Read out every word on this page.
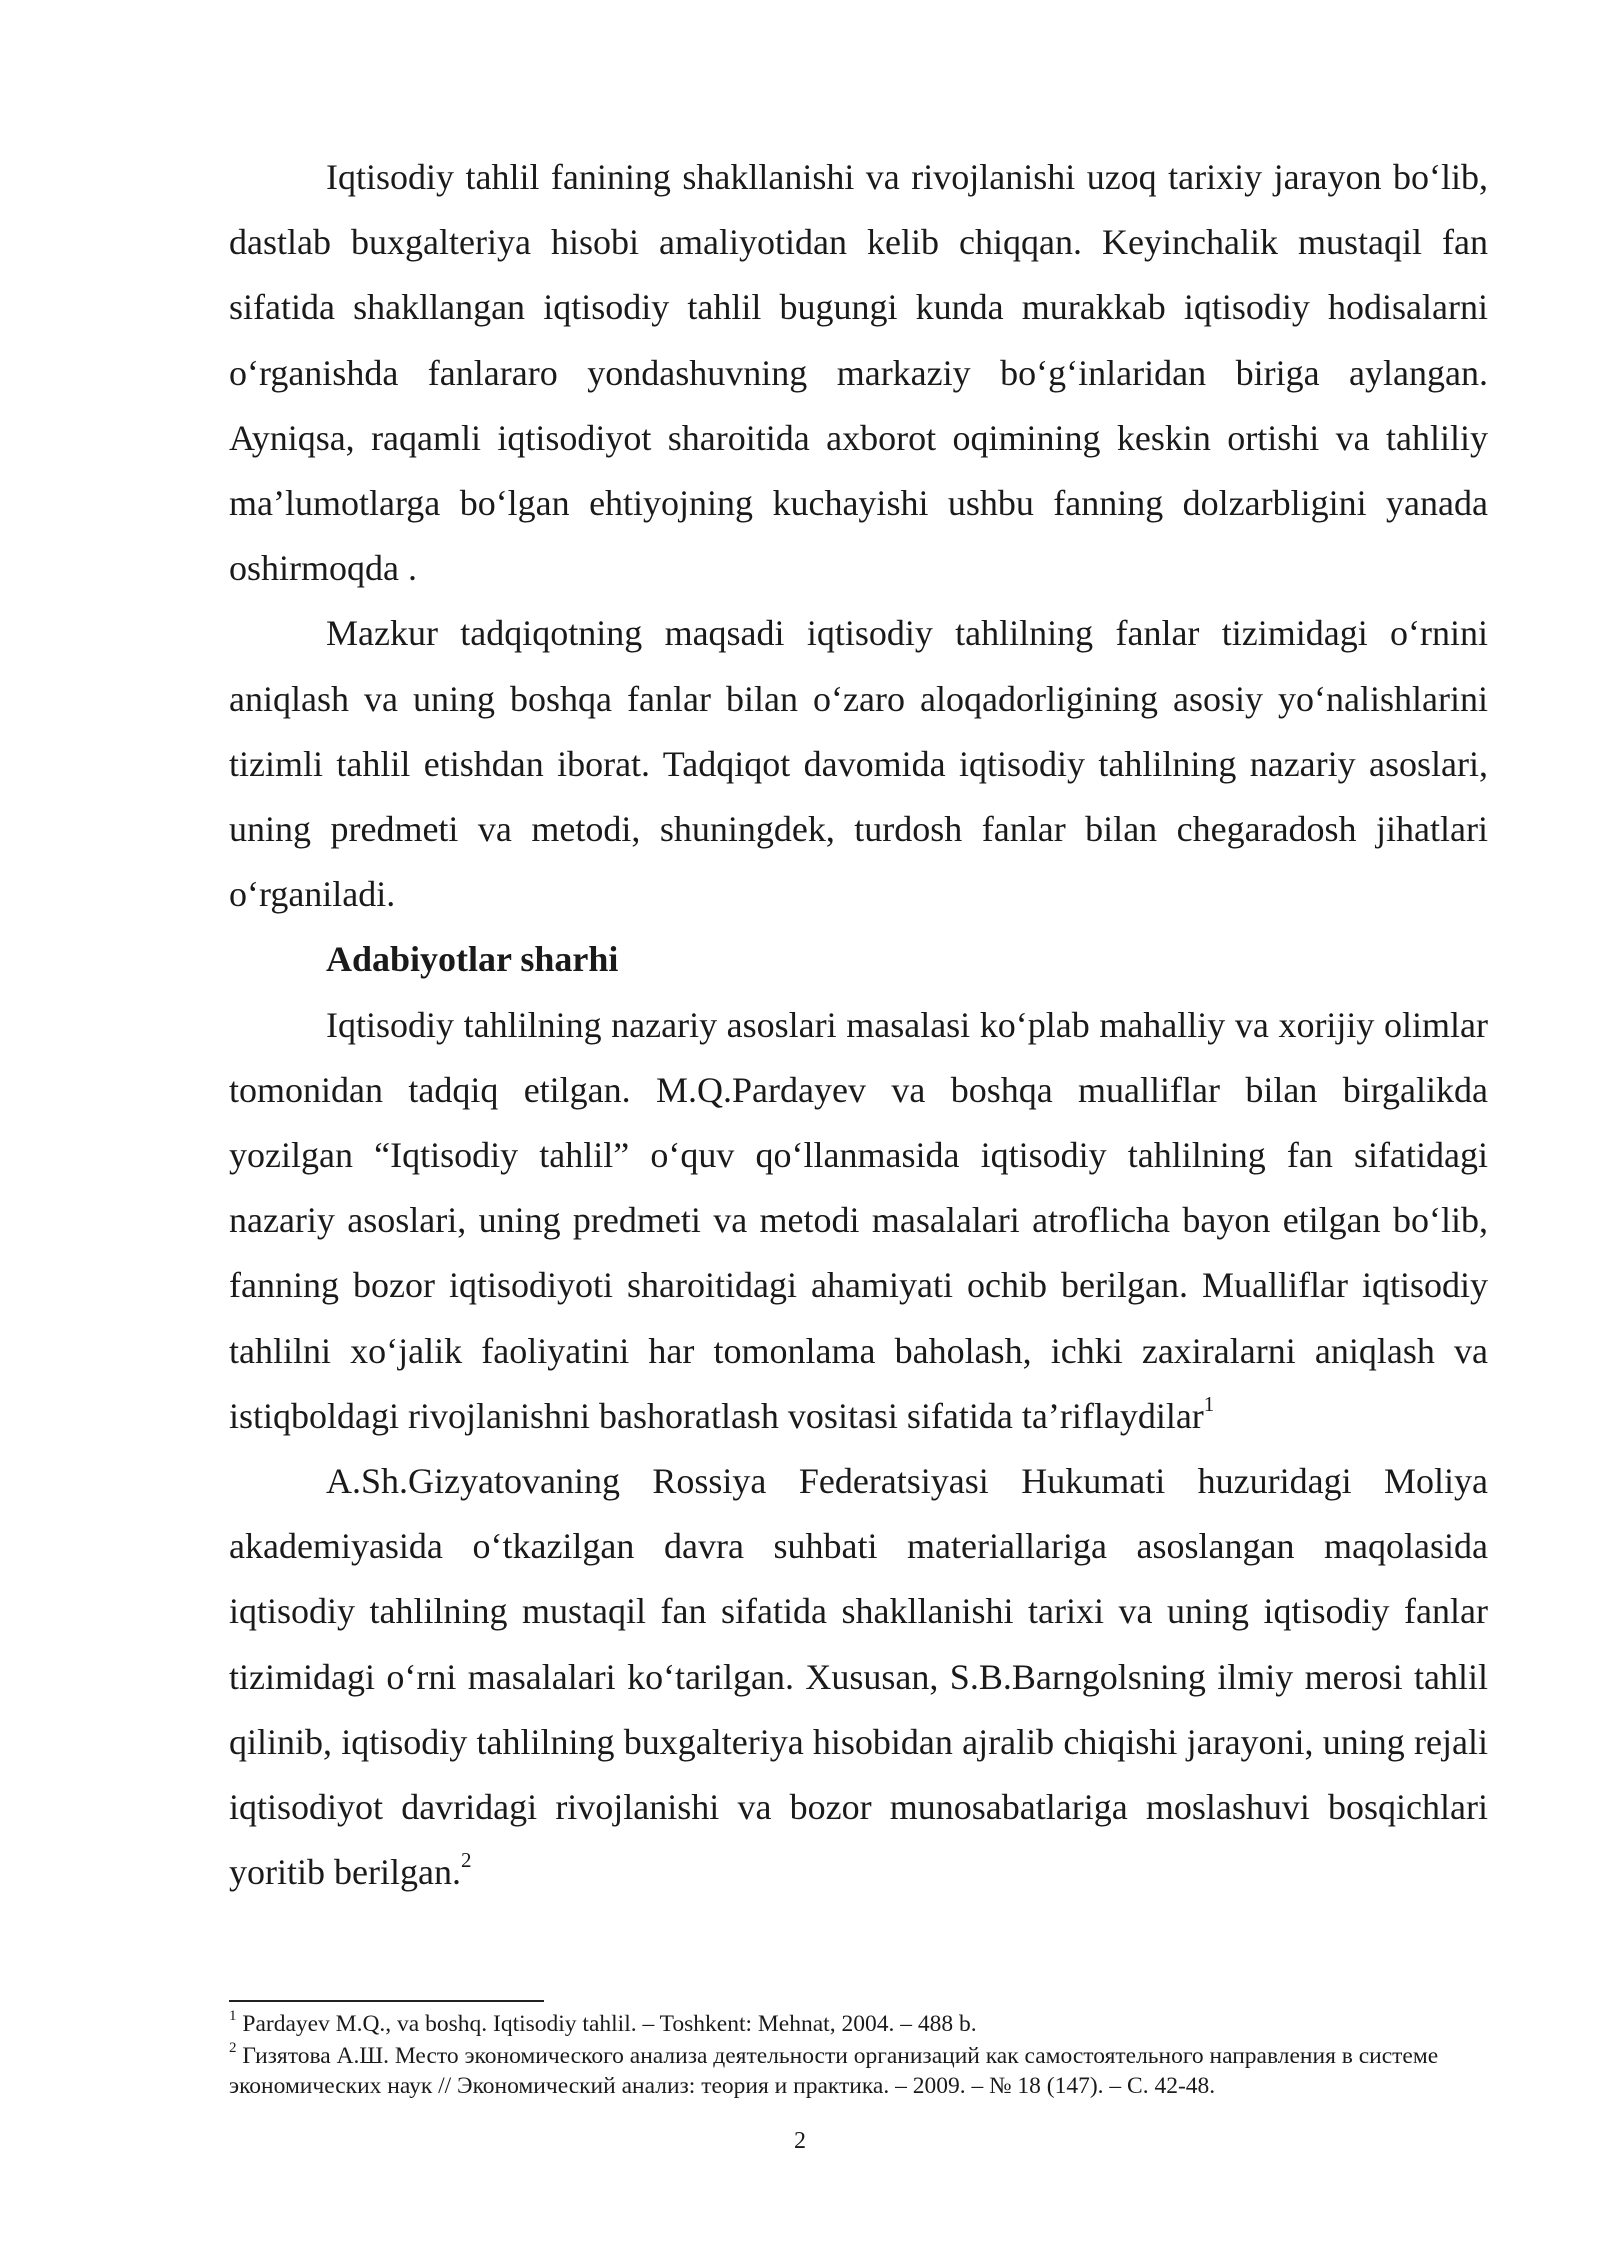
Iqtisodiy tahlil fanining shakllanishi va rivojlanishi uzoq tarixiy jarayon bo‘lib, dastlab buxgalteriya hisobi amaliyotidan kelib chiqqan. Keyinchalik mustaqil fan sifatida shakllangan iqtisodiy tahlil bugungi kunda murakkab iqtisodiy hodisalarni o‘rganishda fanlararo yondashuvning markaziy bo‘g‘inlaridan biriga aylangan. Ayniqsa, raqamli iqtisodiyot sharoitida axborot oqimining keskin ortishi va tahliliy ma’lumotlarga bo‘lgan ehtiyojning kuchayishi ushbu fanning dolzarbligini yanada oshirmoqda .

Mazkur tadqiqotning maqsadi iqtisodiy tahlilning fanlar tizimidagi o‘rnini aniqlash va uning boshqa fanlar bilan o‘zaro aloqadorligining asosiy yo‘nalishlarini tizimli tahlil etishdan iborat. Tadqiqot davomida iqtisodiy tahlilning nazariy asoslari, uning predmeti va metodi, shuningdek, turdosh fanlar bilan chegaradosh jihatlari o‘rganiladi.

Adabiyotlar sharhi

Iqtisodiy tahlilning nazariy asoslari masalasi ko‘plab mahalliy va xorijiy olimlar tomonidan tadqiq etilgan. M.Q.Pardayev va boshqa mualliflar bilan birgalikda yozilgan “Iqtisodiy tahlil” o‘quv qo‘llanmasida iqtisodiy tahlilning fan sifatidagi nazariy asoslari, uning predmeti va metodi masalalari atroflicha bayon etilgan bo‘lib, fanning bozor iqtisodiyoti sharoitidagi ahamiyati ochib berilgan. Mualliflar iqtisodiy tahlilni xo‘jalik faoliyatini har tomonlama baholash, ichki zaxiralarni aniqlash va istiqboldagi rivojlanishni bashoratlash vositasi sifatida ta’riflaydilar$^1$

A.Sh.Gizyatovaning Rossiya Federatsiyasi Hukumati huzuridagi Moliya akademiyasida o‘tkazilgan davra suhbati materiallariga asoslangan maqolasida iqtisodiy tahlilning mustaqil fan sifatida shakllanishi tarixi va uning iqtisodiy fanlar tizimidagi o‘rni masalalari ko‘tarilgan. Xususan, S.B.Barngolsning ilmiy merosi tahlil qilinib, iqtisodiy tahlilning buxgalteriya hisobidan ajralib chiqishi jarayoni, uning rejali iqtisodiyot davridagi rivojlanishi va bozor munosabatlariga moslashuvi bosqichlari yoritib berilgan.$^2$

$^1$ Pardayev M.Q., va boshq. Iqtisodiy tahlil. – Toshkent: Mehnat, 2004. – 488 b.

$^2$ Гизятова А.Ш. Место экономического анализа деятельности организаций как самостоятельного направления в системе экономических наук // Экономический анализ: теория и практика. – 2009. – № 18 (147). – С. 42-48.

2
